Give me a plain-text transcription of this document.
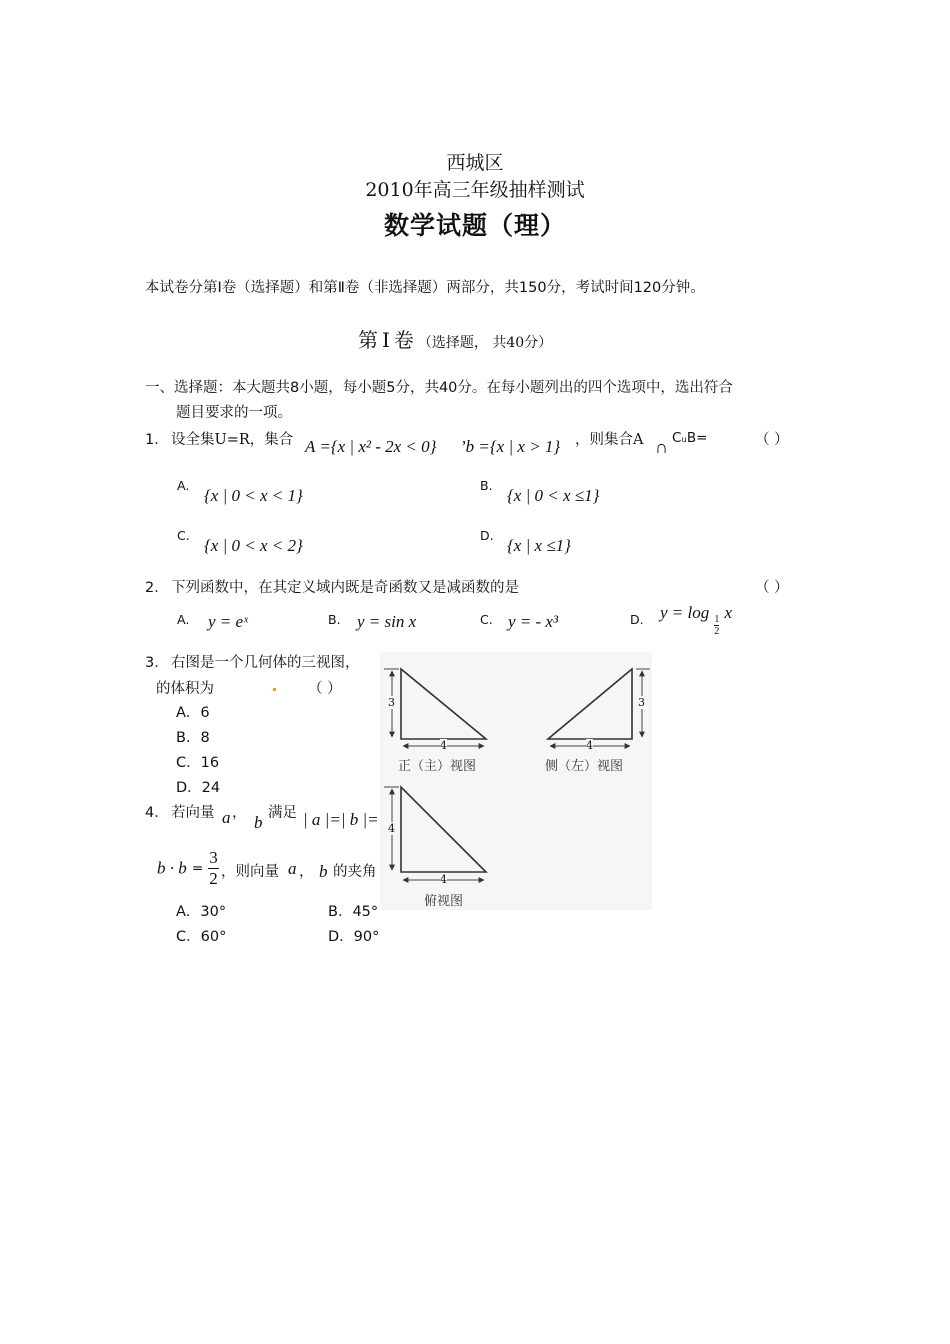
西城区
2010年高三年级抽样测试
数学试题（理）
本试卷分第Ⅰ卷（选择题）和第Ⅱ卷（非选择题）两部分，共150分，考试时间120分钟。
第Ⅰ卷（选择题， 共40分）
一、选择题：本大题共8小题，每小题5分，共40分。在每小题列出的四个选项中，选出符合
题目要求的一项。
1． 设全集U=R，集合 A ={x | x² - 2x < 0} ’b ={x | x > 1} ，则集合A ∩ CᵤB=	（ ）
A.
{x | 0 < x < 1}
B.
{x | 0 < x ≤1}
C.
{x | 0 < x < 2}
D.
{x | x ≤1}
2． 下列函数中，在其定义域内既是奇函数又是减函数的是	（ ）
A. y = eˣ	B. y = sin x	C. y = - x³	D. y = log
$\frac{1}{2}$
x
3． 右图是一个几何体的三视图，
的体积为	（ ）
A．6
B．8
C．16
D．24
3
4
3
4
4
4
正（主）视图	侧（左）视图
俯视图
4． 若向量 a ， b 满足 | a |=| b |=
$b \cdot b = \frac{3}{2}$ ，则向量 a ， b 的夹角
A．30°	B．45°
C．60°	D．90°
